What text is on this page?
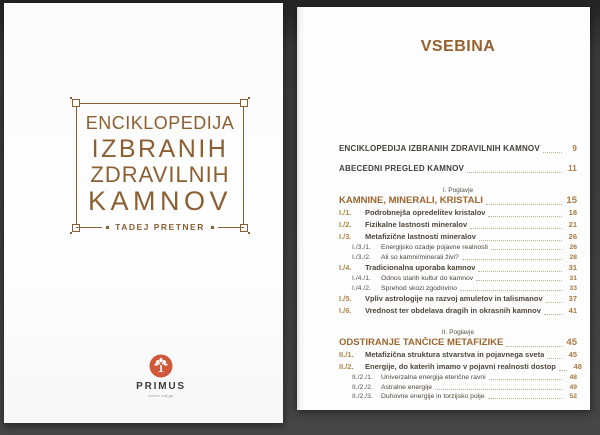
ENCIKLOPEDIJA
IZBRANIH
ZDRAVILNIH
KAMNOV
TADEJ PRETNER
PRIMUS
dobre knjige
VSEBINA
ENCIKLOPEDIJA IZBRANIH ZDRAVILNIH KAMNOV	9
ABECEDNI PREGLED KAMNOV	11
I. Poglavje
KAMNINE, MINERALI, KRISTALI	15
I./1.	Podrobnejša opredelitev kristalov	18
I./2.	Fizikalne lastnosti mineralov	21
I./3.	Metafizične lastnosti mineralov	26
I./3./1.	Energijsko ozadje pojavne realnosti	26
I./3./2.	Ali so kamni/minerali živi?	28
I./4.	Tradicionalna uporaba kamnov	31
I./4./1.	Odnos starih kultur do kamnov	31
I./4./2.	Sprehod skozi zgodovino	33
I./5.	Vpliv astrologije na razvoj amuletov in talismanov	37
I./6.	Vrednost ter obdelava dragih in okrasnih kamnov	41
II. Poglavje
ODSTIRANJE TANČICE METAFIZIKE	45
II./1.	Metafizična struktura stvarstva in pojavnega sveta	45
II./2.	Energije, do katerih imamo v pojavni realnosti dostop	48
II./2./1.	Univerzalna energija eterične ravni	48
II./2./2.	Astralne energije	49
II./2./3.	Duhovne energije in torzijsko polje	52
